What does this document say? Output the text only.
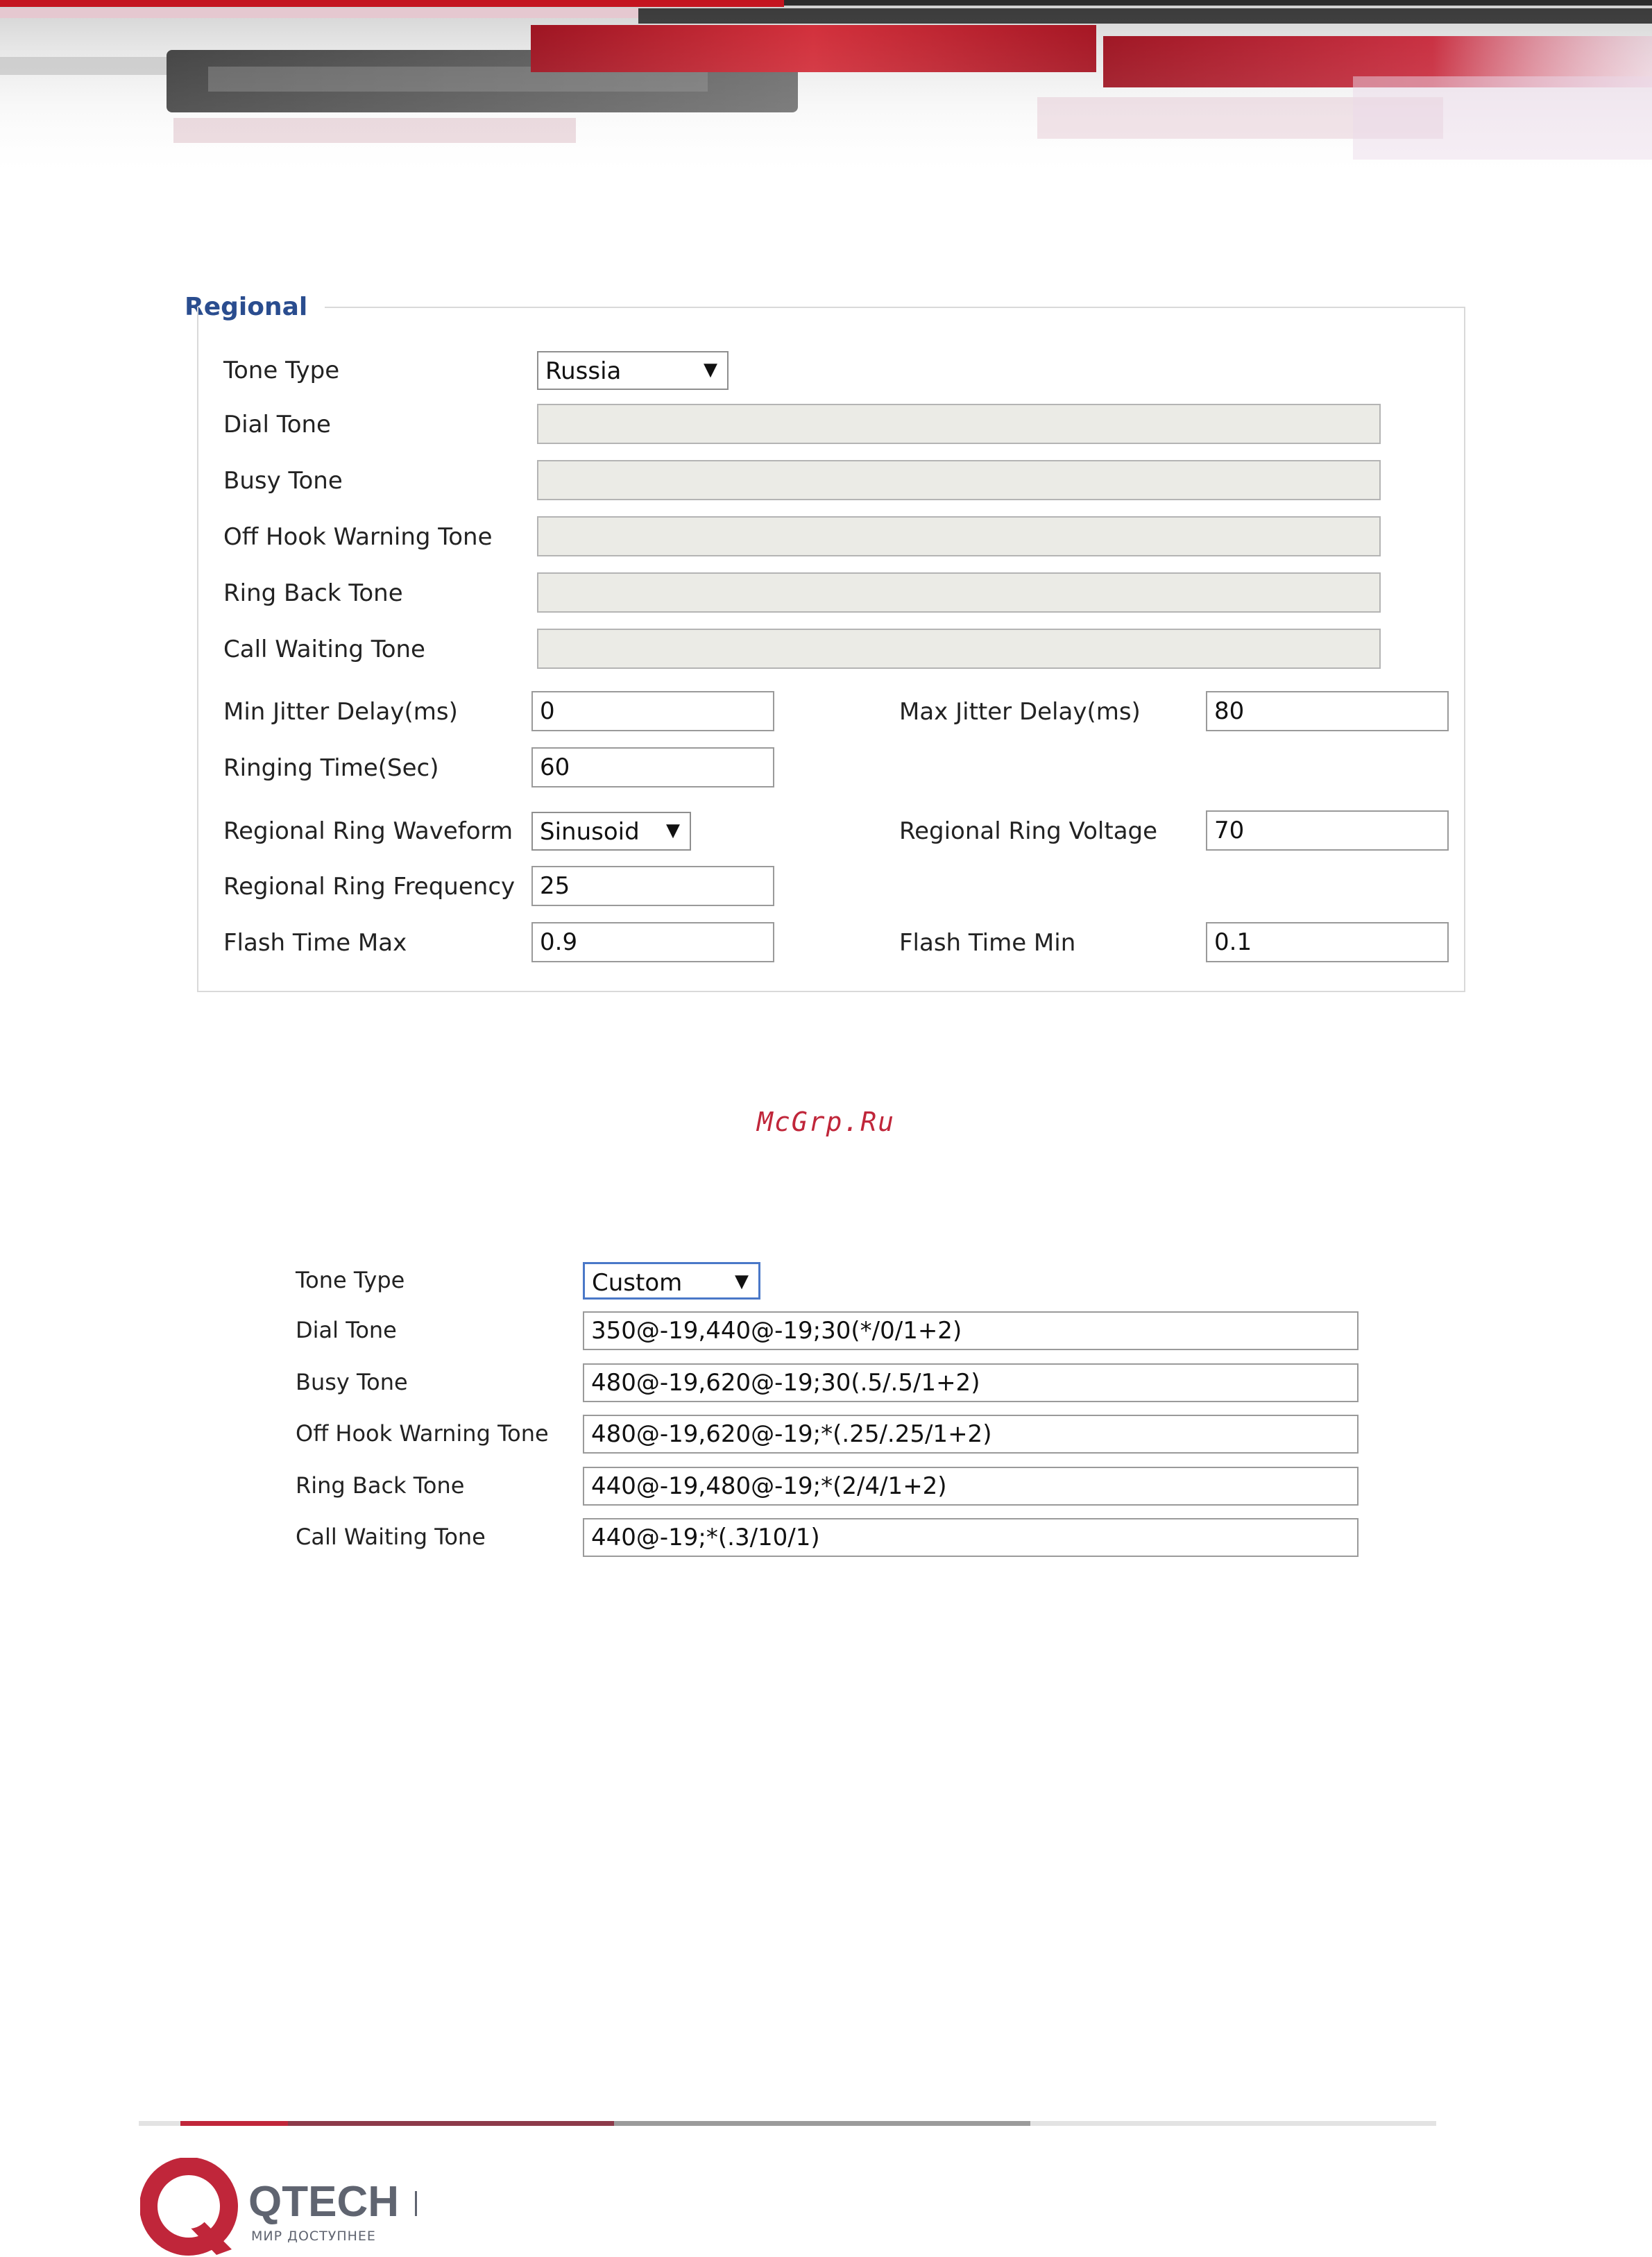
Regional
Tone Type	Russia	▼
Dial Tone
Busy Tone
Off Hook Warning Tone
Ring Back Tone
Call Waiting Tone
Min Jitter Delay(ms)	0	Max Jitter Delay(ms)	80
Ringing Time(Sec)	60
Regional Ring Waveform	Sinusoid ▼	Regional Ring Voltage	70
Regional Ring Frequency	25
Flash Time Max	0.9	Flash Time Min	0.1
McGrp.Ru
Tone Type	Custom	▼
Dial Tone	350@-19,440@-19;30(*/0/1+2)
Busy Tone	480@-19,620@-19;30(.5/.5/1+2)
Off Hook Warning Tone	480@-19,620@-19;*(.25/.25/1+2)
Ring Back Tone	440@-19,480@-19;*(2/4/1+2)
Call Waiting Tone	440@-19;*(.3/10/1)
QTECH
МИР ДОСТУПНЕЕ
